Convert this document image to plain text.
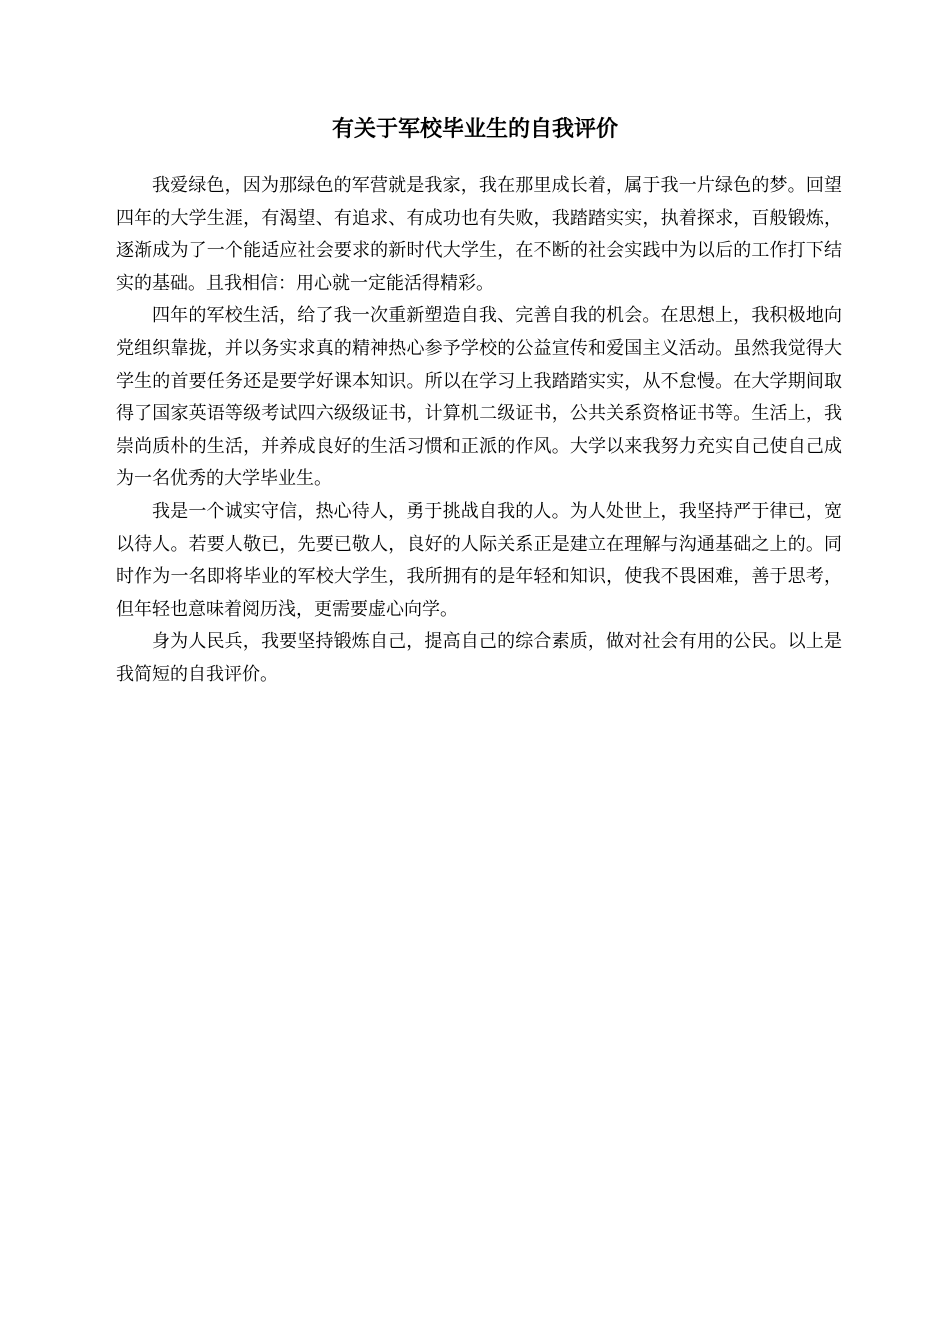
有关于军校毕业生的自我评价

我爱绿色，因为那绿色的军营就是我家，我在那里成长着，属于我一片绿色的梦。回望四年的大学生涯，有渴望、有追求、有成功也有失败，我踏踏实实，执着探求，百般锻炼，逐渐成为了一个能适应社会要求的新时代大学生，在不断的社会实践中为以后的工作打下结实的基础。且我相信：用心就一定能活得精彩。

四年的军校生活，给了我一次重新塑造自我、完善自我的机会。在思想上，我积极地向党组织靠拢，并以务实求真的精神热心参予学校的公益宣传和爱国主义活动。虽然我觉得大学生的首要任务还是要学好课本知识。所以在学习上我踏踏实实，从不怠慢。在大学期间取得了国家英语等级考试四六级级证书，计算机二级证书，公共关系资格证书等。生活上，我崇尚质朴的生活，并养成良好的生活习惯和正派的作风。大学以来我努力充实自己使自己成为一名优秀的大学毕业生。

我是一个诚实守信，热心待人，勇于挑战自我的人。为人处世上，我坚持严于律已，宽以待人。若要人敬已，先要已敬人，良好的人际关系正是建立在理解与沟通基础之上的。同时作为一名即将毕业的军校大学生，我所拥有的是年轻和知识，使我不畏困难，善于思考，但年轻也意味着阅历浅，更需要虚心向学。

身为人民兵，我要坚持锻炼自己，提高自己的综合素质，做对社会有用的公民。以上是我简短的自我评价。
